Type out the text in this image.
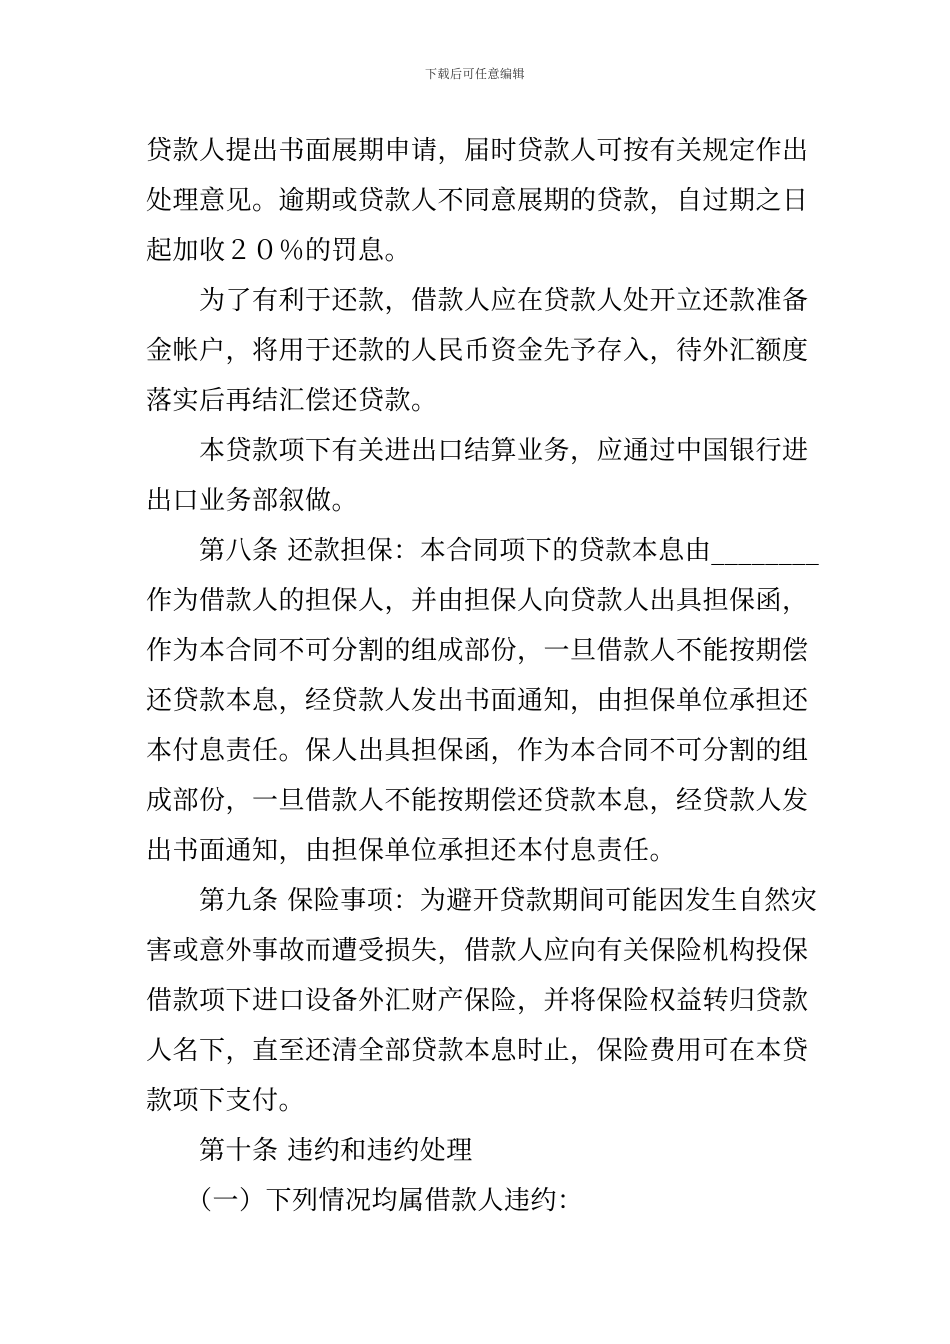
下载后可任意编辑
贷款人提出书面展期申请，届时贷款人可按有关规定作出
处理意见。逾期或贷款人不同意展期的贷款，自过期之日
起加收２０％的罚息。
为了有利于还款，借款人应在贷款人处开立还款准备
金帐户，将用于还款的人民币资金先予存入，待外汇额度
落实后再结汇偿还贷款。
本贷款项下有关进出口结算业务，应通过中国银行进
出口业务部叙做。
第八条 还款担保：本合同项下的贷款本息由________
作为借款人的担保人，并由担保人向贷款人出具担保函，
作为本合同不可分割的组成部份，一旦借款人不能按期偿
还贷款本息，经贷款人发出书面通知，由担保单位承担还
本付息责任。保人出具担保函，作为本合同不可分割的组
成部份，一旦借款人不能按期偿还贷款本息，经贷款人发
出书面通知，由担保单位承担还本付息责任。
第九条 保险事项：为避开贷款期间可能因发生自然灾
害或意外事故而遭受损失，借款人应向有关保险机构投保
借款项下进口设备外汇财产保险，并将保险权益转归贷款
人名下，直至还清全部贷款本息时止，保险费用可在本贷
款项下支付。
第十条 违约和违约处理
（一）下列情况均属借款人违约：
